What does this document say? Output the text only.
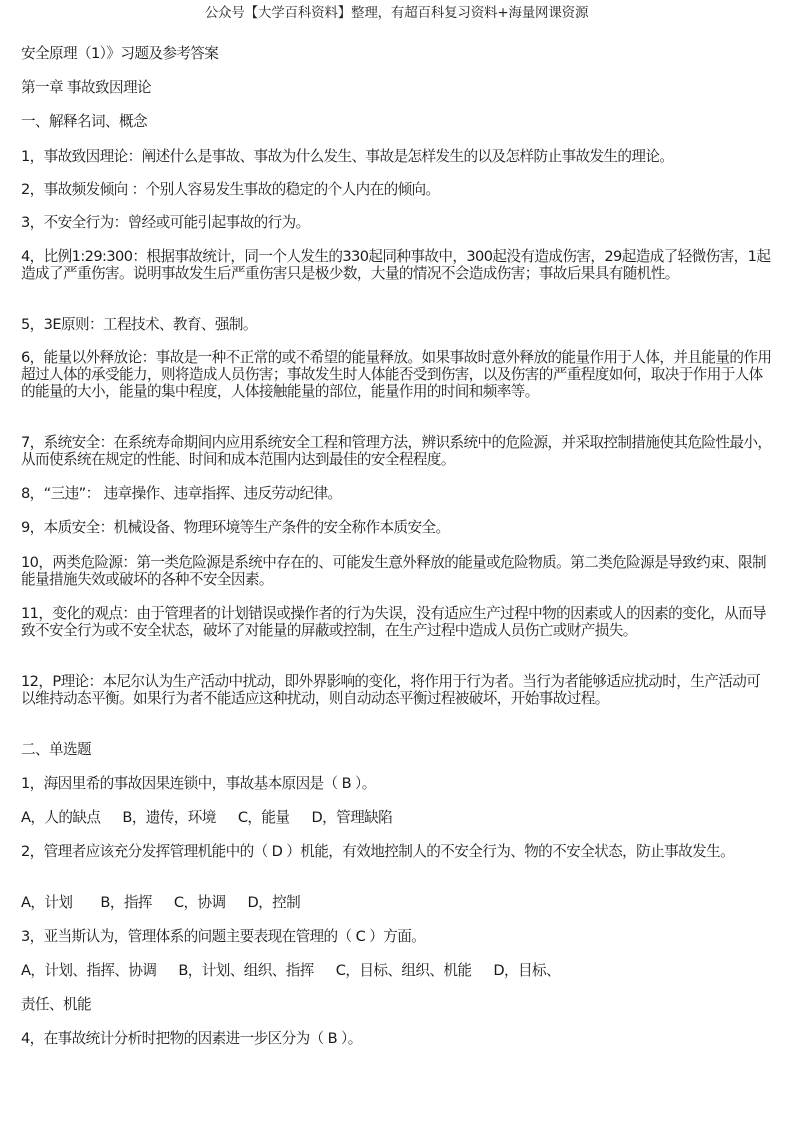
公众号【大学百科资料】整理，有超百科复习资料+海量网课资源
安全原理（1）》习题及参考答案
第一章 事故致因理论
一、解释名词、概念
1，事故致因理论：阐述什么是事故、事故为什么发生、事故是怎样发生的以及怎样防止事故发生的理论。
2，事故频发倾向 ：个别人容易发生事故的稳定的个人内在的倾向。
3，不安全行为：曾经或可能引起事故的行为。
4，比例1:29:300：根据事故统计，同一个人发生的330起同种事故中，300起没有造成伤害，29起造成了轻微伤害，1起造成了严重伤害。说明事故发生后严重伤害只是极少数，大量的情况不会造成伤害；事故后果具有随机性。
5，3E原则：工程技术、教育、强制。
6，能量以外释放论：事故是一种不正常的或不希望的能量释放。如果事故时意外释放的能量作用于人体，并且能量的作用超过人体的承受能力，则将造成人员伤害；事故发生时人体能否受到伤害，以及伤害的严重程度如何，取决于作用于人体的能量的大小，能量的集中程度，人体接触能量的部位，能量作用的时间和频率等。
7，系统安全：在系统寿命期间内应用系统安全工程和管理方法，辨识系统中的危险源，并采取控制措施使其危险性最小，从而使系统在规定的性能、时间和成本范围内达到最佳的安全程程度。
8，“三违”： 违章操作、违章指挥、违反劳动纪律。
9，本质安全：机械设备、物理环境等生产条件的安全称作本质安全。
10，两类危险源：第一类危险源是系统中存在的、可能发生意外释放的能量或危险物质。第二类危险源是导致约束、限制能量措施失效或破坏的各种不安全因素。
11，变化的观点：由于管理者的计划错误或操作者的行为失误，没有适应生产过程中物的因素或人的因素的变化，从而导致不安全行为或不安全状态，破坏了对能量的屏蔽或控制，在生产过程中造成人员伤亡或财产损失。
12，P理论：本尼尔认为生产活动中扰动，即外界影响的变化，将作用于行为者。当行为者能够适应扰动时，生产活动可以维持动态平衡。如果行为者不能适应这种扰动，则自动动态平衡过程被破坏，开始事故过程。
二、单选题
1，海因里希的事故因果连锁中，事故基本原因是（ B ）。
A，人的缺点 B，遗传，环境 C，能量 D，管理缺陷
2，管理者应该充分发挥管理机能中的（ D ）机能，有效地控制人的不安全行为、物的不安全状态，防止事故发生。
A，计划 B，指挥 C，协调 D，控制
3，亚当斯认为，管理体系的问题主要表现在管理的（ C ）方面。
A，计划、指挥、协调 B，计划、组织、指挥 C，目标、组织、机能 D，目标、
责任、机能
4，在事故统计分析时把物的因素进一步区分为（ B ）。
